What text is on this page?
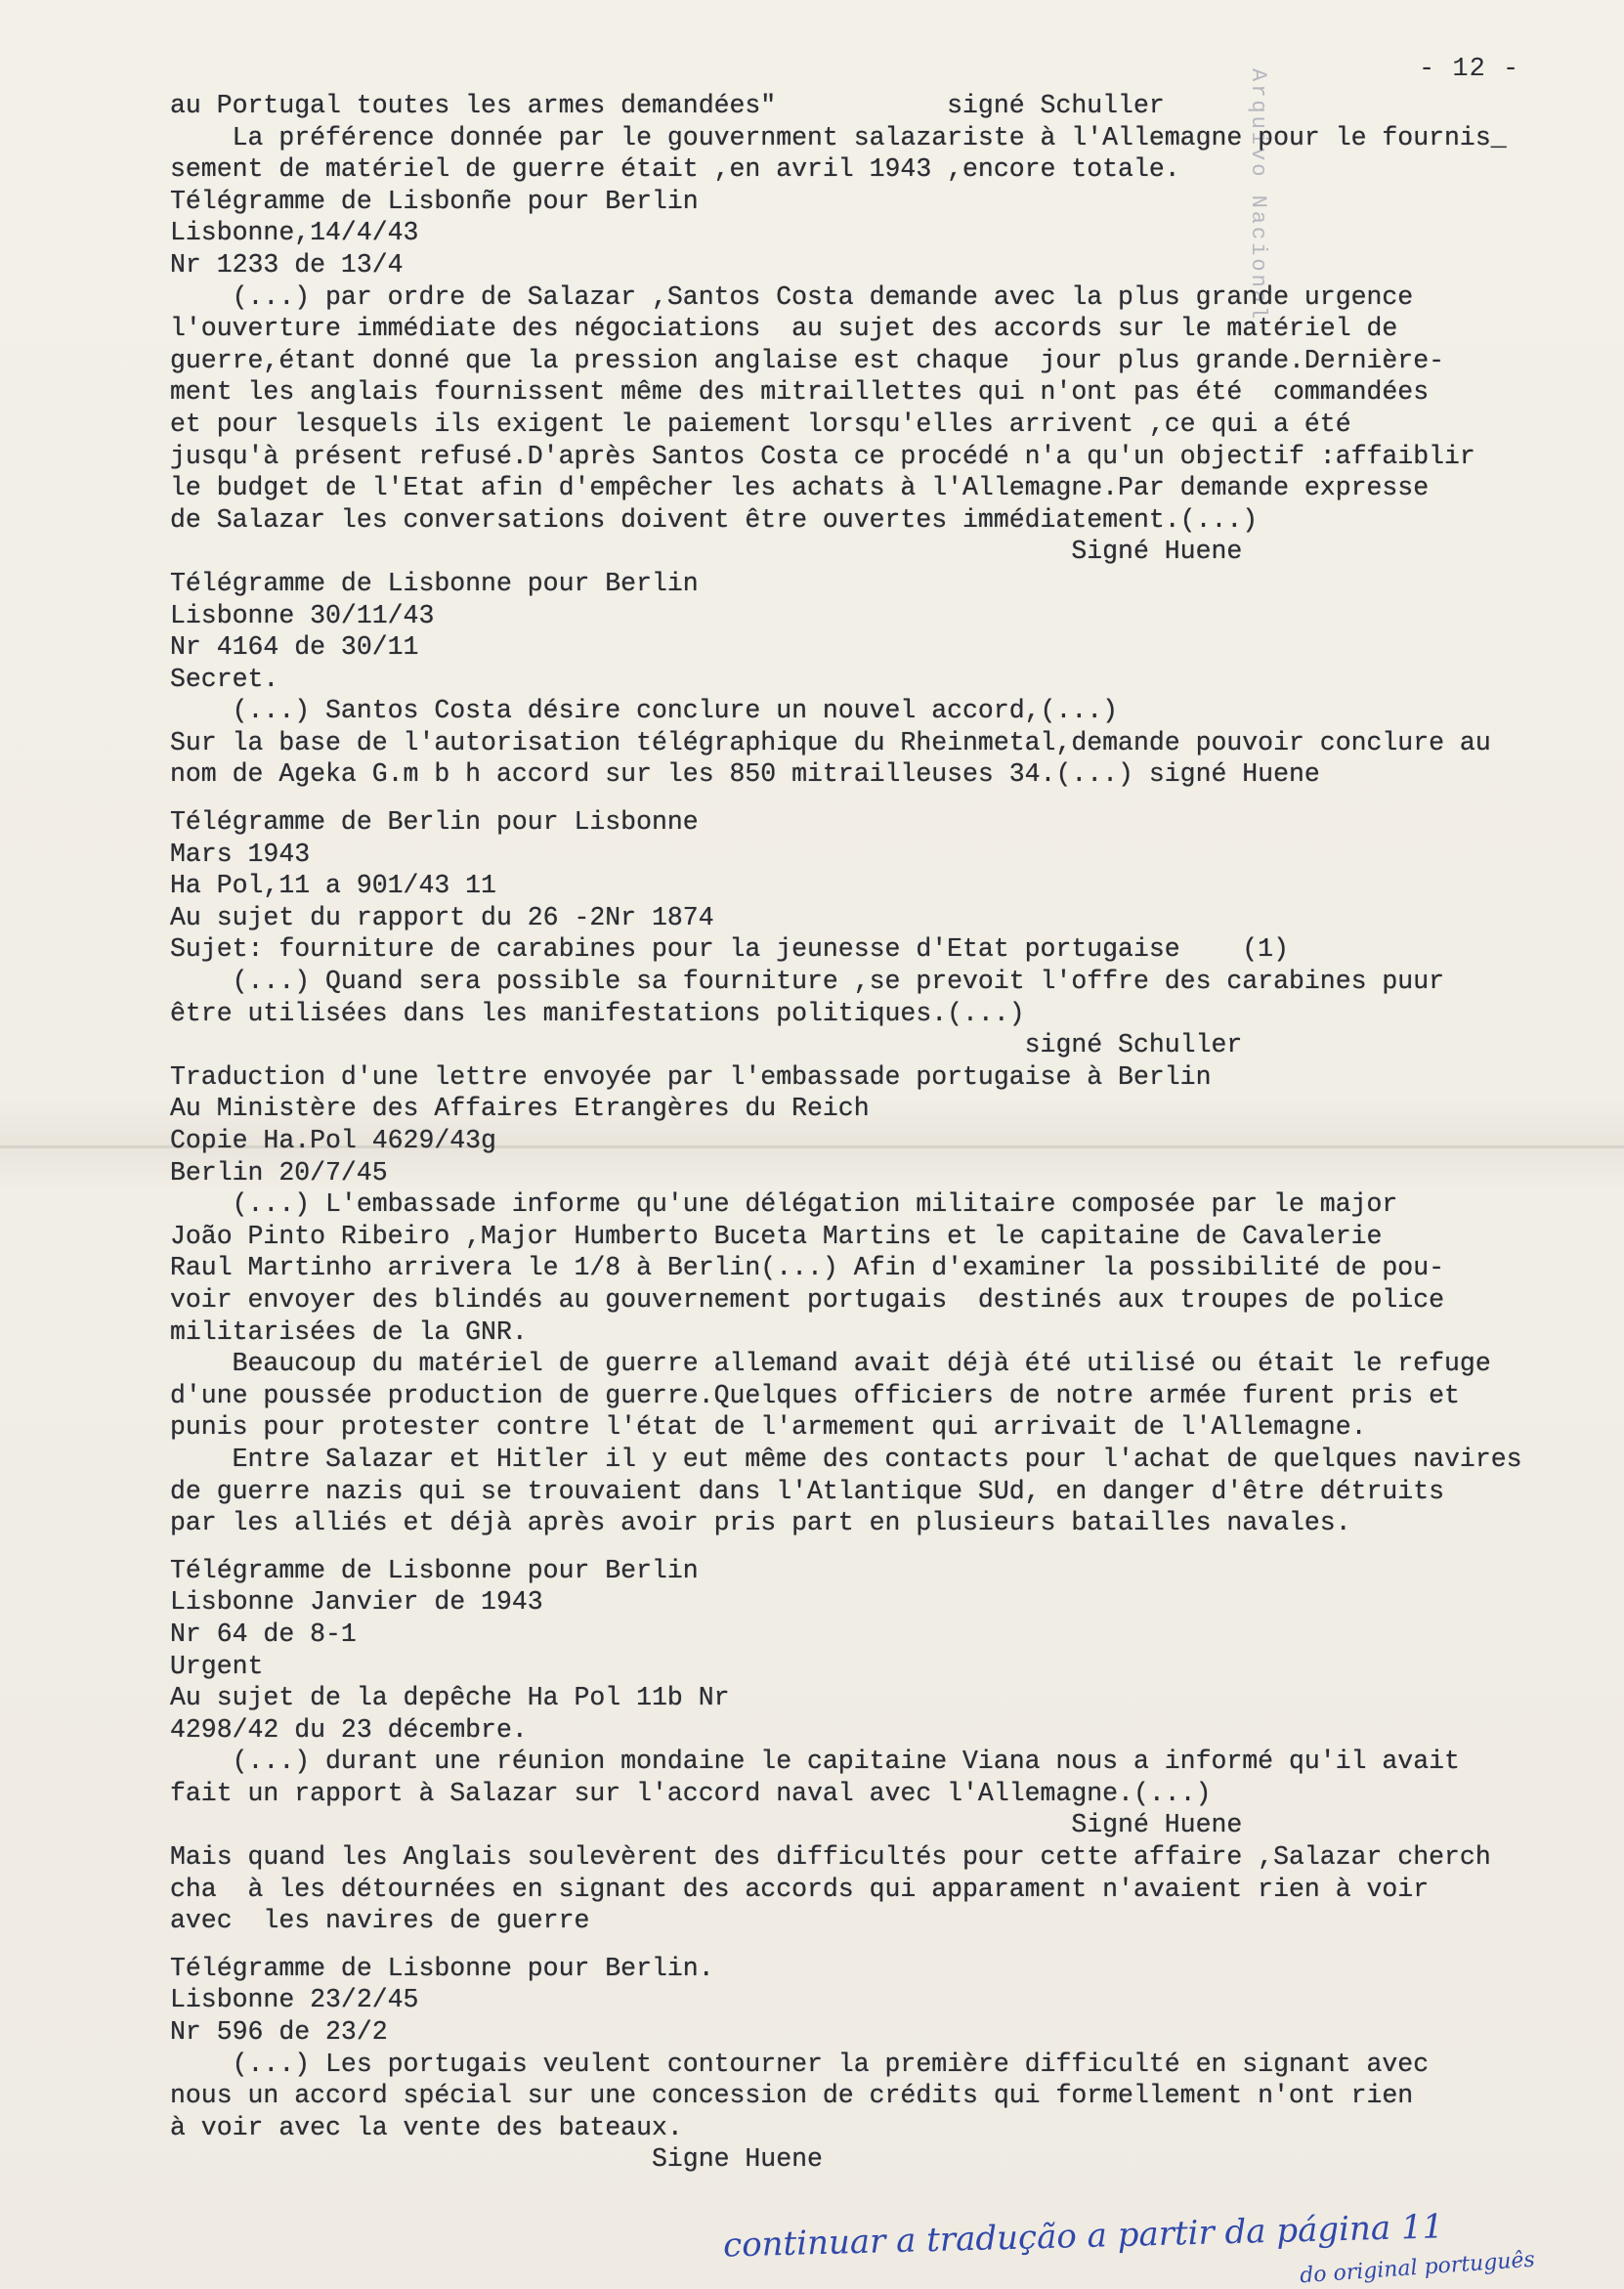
- 12 -
Arquivo Nacional
au Portugal toutes les armes demandées"           signé Schuller
La préférence donnée par le gouvernment salazariste à l'Allemagne pour le fournis_
sement de matériel de guerre était ,en avril 1943 ,encore totale.
Télégramme de Lisbonñe pour Berlin
Lisbonne,14/4/43
Nr 1233 de 13/4
(...) par ordre de Salazar ,Santos Costa demande avec la plus grande urgence
l'ouverture immédiate des négociations  au sujet des accords sur le matériel de
guerre,étant donné que la pression anglaise est chaque  jour plus grande.Dernière-
ment les anglais fournissent même des mitraillettes qui n'ont pas été  commandées
et pour lesquels ils exigent le paiement lorsqu'elles arrivent ,ce qui a été
jusqu'à présent refusé.D'après Santos Costa ce procédé n'a qu'un objectif :affaiblir
le budget de l'Etat afin d'empêcher les achats à l'Allemagne.Par demande expresse
de Salazar les conversations doivent être ouvertes immédiatement.(...)
Signé Huene
Télégramme de Lisbonne pour Berlin
Lisbonne 30/11/43
Nr 4164 de 30/11
Secret.
(...) Santos Costa désire conclure un nouvel accord,(...)
Sur la base de l'autorisation télégraphique du Rheinmetal,demande pouvoir conclure au
nom de Ageka G.m b h accord sur les 850 mitrailleuses 34.(...) signé Huene
Télégramme de Berlin pour Lisbonne
Mars 1943
Ha Pol,11 a 901/43 11
Au sujet du rapport du 26 -2Nr 1874
Sujet: fourniture de carabines pour la jeunesse d'Etat portugaise    (1)
(...) Quand sera possible sa fourniture ,se prevoit l'offre des carabines puur
être utilisées dans les manifestations politiques.(...)
signé Schuller
Traduction d'une lettre envoyée par l'embassade portugaise à Berlin
Au Ministère des Affaires Etrangères du Reich
Copie Ha.Pol 4629/43g
Berlin 20/7/45
(...) L'embassade informe qu'une délégation militaire composée par le major
João Pinto Ribeiro ,Major Humberto Buceta Martins et le capitaine de Cavalerie
Raul Martinho arrivera le 1/8 à Berlin(...) Afin d'examiner la possibilité de pou-
voir envoyer des blindés au gouvernement portugais  destinés aux troupes de police
militarisées de la GNR.
Beaucoup du matériel de guerre allemand avait déjà été utilisé ou était le refuge
d'une poussée production de guerre.Quelques officiers de notre armée furent pris et
punis pour protester contre l'état de l'armement qui arrivait de l'Allemagne.
Entre Salazar et Hitler il y eut même des contacts pour l'achat de quelques navires
de guerre nazis qui se trouvaient dans l'Atlantique SUd, en danger d'être détruits
par les alliés et déjà après avoir pris part en plusieurs batailles navales.
Télégramme de Lisbonne pour Berlin
Lisbonne Janvier de 1943
Nr 64 de 8-1
Urgent
Au sujet de la depêche Ha Pol 11b Nr
4298/42 du 23 décembre.
(...) durant une réunion mondaine le capitaine Viana nous a informé qu'il avait
fait un rapport à Salazar sur l'accord naval avec l'Allemagne.(...)
Signé Huene
Mais quand les Anglais soulevèrent des difficultés pour cette affaire ,Salazar cherch
cha  à les détournées en signant des accords qui apparament n'avaient rien à voir
avec  les navires de guerre
Télégramme de Lisbonne pour Berlin.
Lisbonne 23/2/45
Nr 596 de 23/2
(...) Les portugais veulent contourner la première difficulté en signant avec
nous un accord spécial sur une concession de crédits qui formellement n'ont rien
à voir avec la vente des bateaux.
Signe Huene
continuar a tradução a partir da página 11
do original português
